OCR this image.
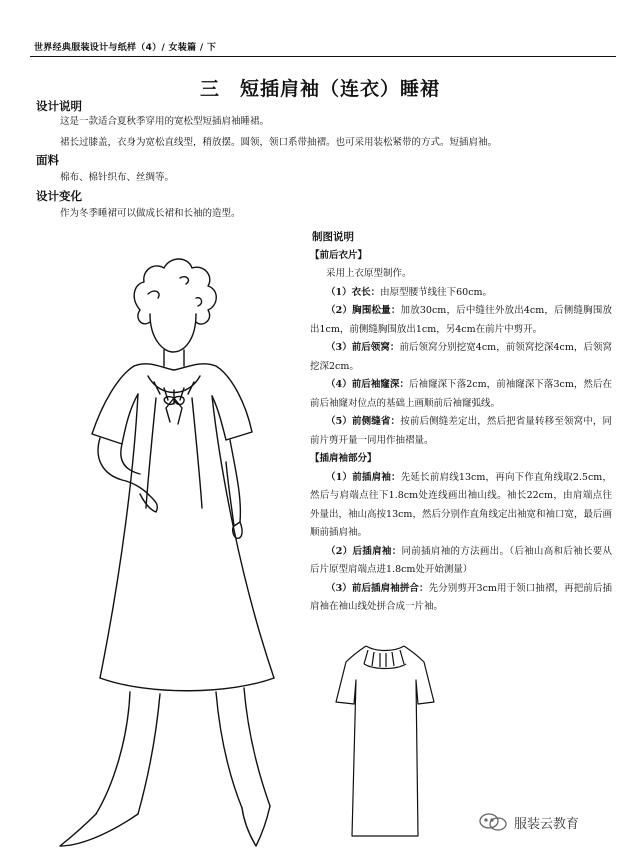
世界经典服装设计与纸样（4）/ 女装篇 / 下
三　短插肩袖（连衣）睡裙
设计说明
这是一款适合夏秋季穿用的宽松型短插肩袖睡裙。
裙长过膝盖，衣身为宽松直线型，稍放摆。圆领，领口系带抽褶。也可采用装松紧带的方式。短插肩袖。
面料
棉布、棉针织布、丝绸等。
设计变化
作为冬季睡裙可以做成长裙和长袖的造型。
制图说明
【前后衣片】

采用上衣原型制作。

（1）衣长：由原型腰节线往下60cm。

（2）胸围松量：加放30cm，后中缝往外放出4cm，后侧缝胸围放出1cm，前侧缝胸围放出1cm，另4cm在前片中剪开。

（3）前后领窝：前后领窝分别挖宽4cm，前领窝挖深4cm，后领窝挖深2cm。

（4）前后袖窿深：后袖窿深下落2cm，前袖窿深下落3cm，然后在前后袖窿对位点的基础上画顺前后袖窿弧线。

（5）前侧缝省：按前后侧缝差定出，然后把省量转移至领窝中，同前片剪开量一同用作抽褶量。

【插肩袖部分】

（1）前插肩袖：先延长前肩线13cm，再向下作直角线取2.5cm，然后与肩端点往下1.8cm处连线画出袖山线。袖长22cm，由肩端点往外量出，袖山高按13cm，然后分别作直角线定出袖宽和袖口宽，最后画顺前插肩袖。

（2）后插肩袖：同前插肩袖的方法画出。（后袖山高和后袖长要从后片原型肩端点进1.8cm处开始测量）

（3）前后插肩袖拼合：先分别剪开3cm用于领口抽褶，再把前后插肩袖在袖山线处拼合成一片袖。

服装云教育
